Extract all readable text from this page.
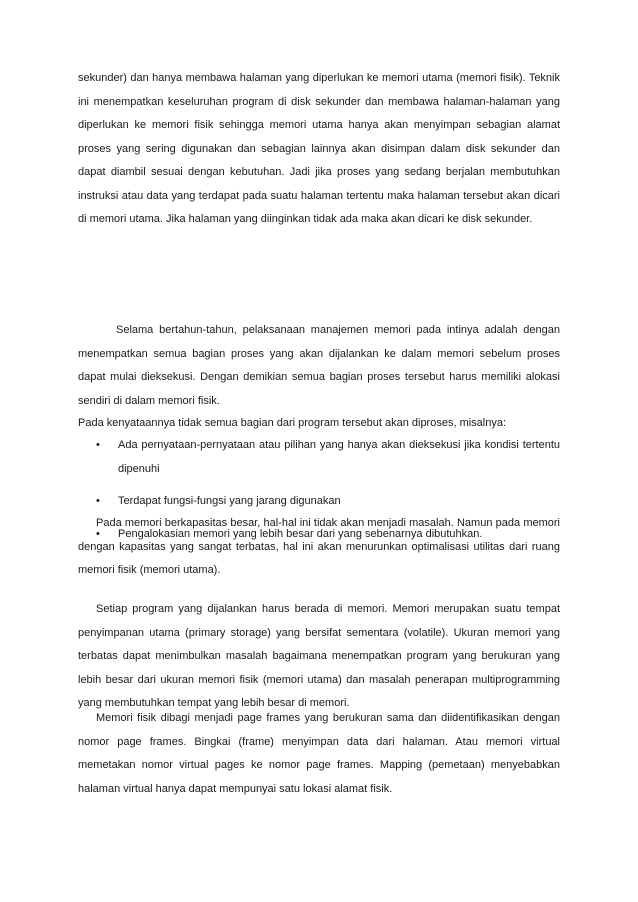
sekunder) dan hanya membawa halaman yang diperlukan ke memori utama (memori fisik). Teknik ini menempatkan keseluruhan program di disk sekunder dan membawa halaman-halaman yang diperlukan ke memori fisik sehingga memori utama hanya akan menyimpan sebagian alamat proses yang sering digunakan dan sebagian lainnya akan disimpan dalam disk sekunder dan dapat diambil sesuai dengan kebutuhan. Jadi jika proses yang sedang berjalan membutuhkan instruksi atau data yang terdapat pada suatu halaman tertentu maka halaman tersebut akan dicari di memori utama. Jika halaman yang diinginkan tidak ada maka akan dicari ke disk sekunder.

Selama bertahun-tahun, pelaksanaan manajemen memori pada intinya adalah dengan menempatkan semua bagian proses yang akan dijalankan ke dalam memori sebelum proses dapat mulai dieksekusi. Dengan demikian semua bagian proses tersebut harus memiliki alokasi sendiri di dalam memori fisik.

Pada kenyataannya tidak semua bagian dari program tersebut akan diproses, misalnya:

• Ada pernyataan-pernyataan atau pilihan yang hanya akan dieksekusi jika kondisi tertentu dipenuhi
• Terdapat fungsi-fungsi yang jarang digunakan
• Pengalokasian memori yang lebih besar dari yang sebenarnya dibutuhkan.

Pada memori berkapasitas besar, hal-hal ini tidak akan menjadi masalah. Namun pada memori dengan kapasitas yang sangat terbatas, hal ini akan menurunkan optimalisasi utilitas dari ruang memori fisik (memori utama).

Setiap program yang dijalankan harus berada di memori. Memori merupakan suatu tempat penyimpanan utama (primary storage) yang bersifat sementara (volatile). Ukuran memori yang terbatas dapat menimbulkan masalah bagaimana menempatkan program yang berukuran yang lebih besar dari ukuran memori fisik (memori utama) dan masalah penerapan multiprogramming yang membutuhkan tempat yang lebih besar di memori.

Memori fisik dibagi menjadi page frames yang berukuran sama dan diidentifikasikan dengan nomor page frames. Bingkai (frame) menyimpan data dari halaman. Atau memori virtual memetakan nomor virtual pages ke nomor page frames. Mapping (pemetaan) menyebabkan halaman virtual hanya dapat mempunyai satu lokasi alamat fisik.
